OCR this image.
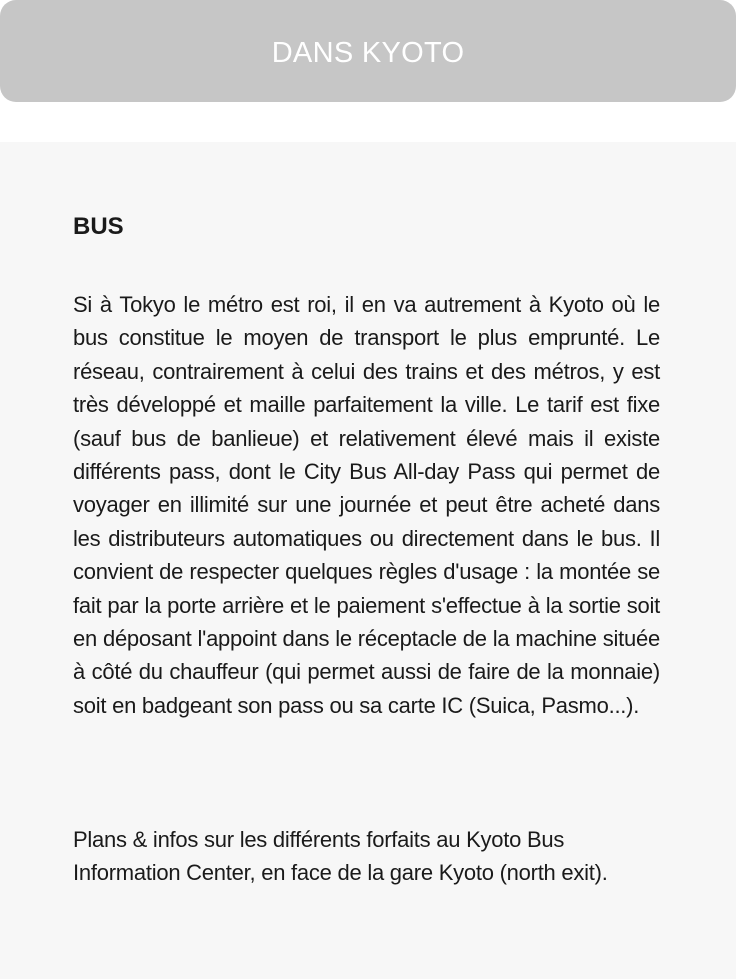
DANS KYOTO
BUS

Si à Tokyo le métro est roi, il en va autrement à Kyoto où le bus constitue le moyen de transport le plus emprunté. Le réseau, contrairement à celui des trains et des métros, y est très développé et maille parfaitement la ville. Le tarif est fixe (sauf bus de banlieue) et relativement élevé mais il existe différents pass, dont le City Bus All-day Pass qui permet de voyager en illimité sur une journée et peut être acheté dans les distributeurs automatiques ou directement dans le bus. Il convient de respecter quelques règles d'usage : la montée se fait par la porte arrière et le paiement s'effectue à la sortie soit en déposant l'appoint dans le réceptacle de la machine située à côté du chauffeur (qui permet aussi de faire de la monnaie) soit en badgeant son pass ou sa carte IC (Suica, Pasmo...).

Plans & infos sur les différents forfaits au Kyoto Bus Information Center, en face de la gare Kyoto (north exit).
